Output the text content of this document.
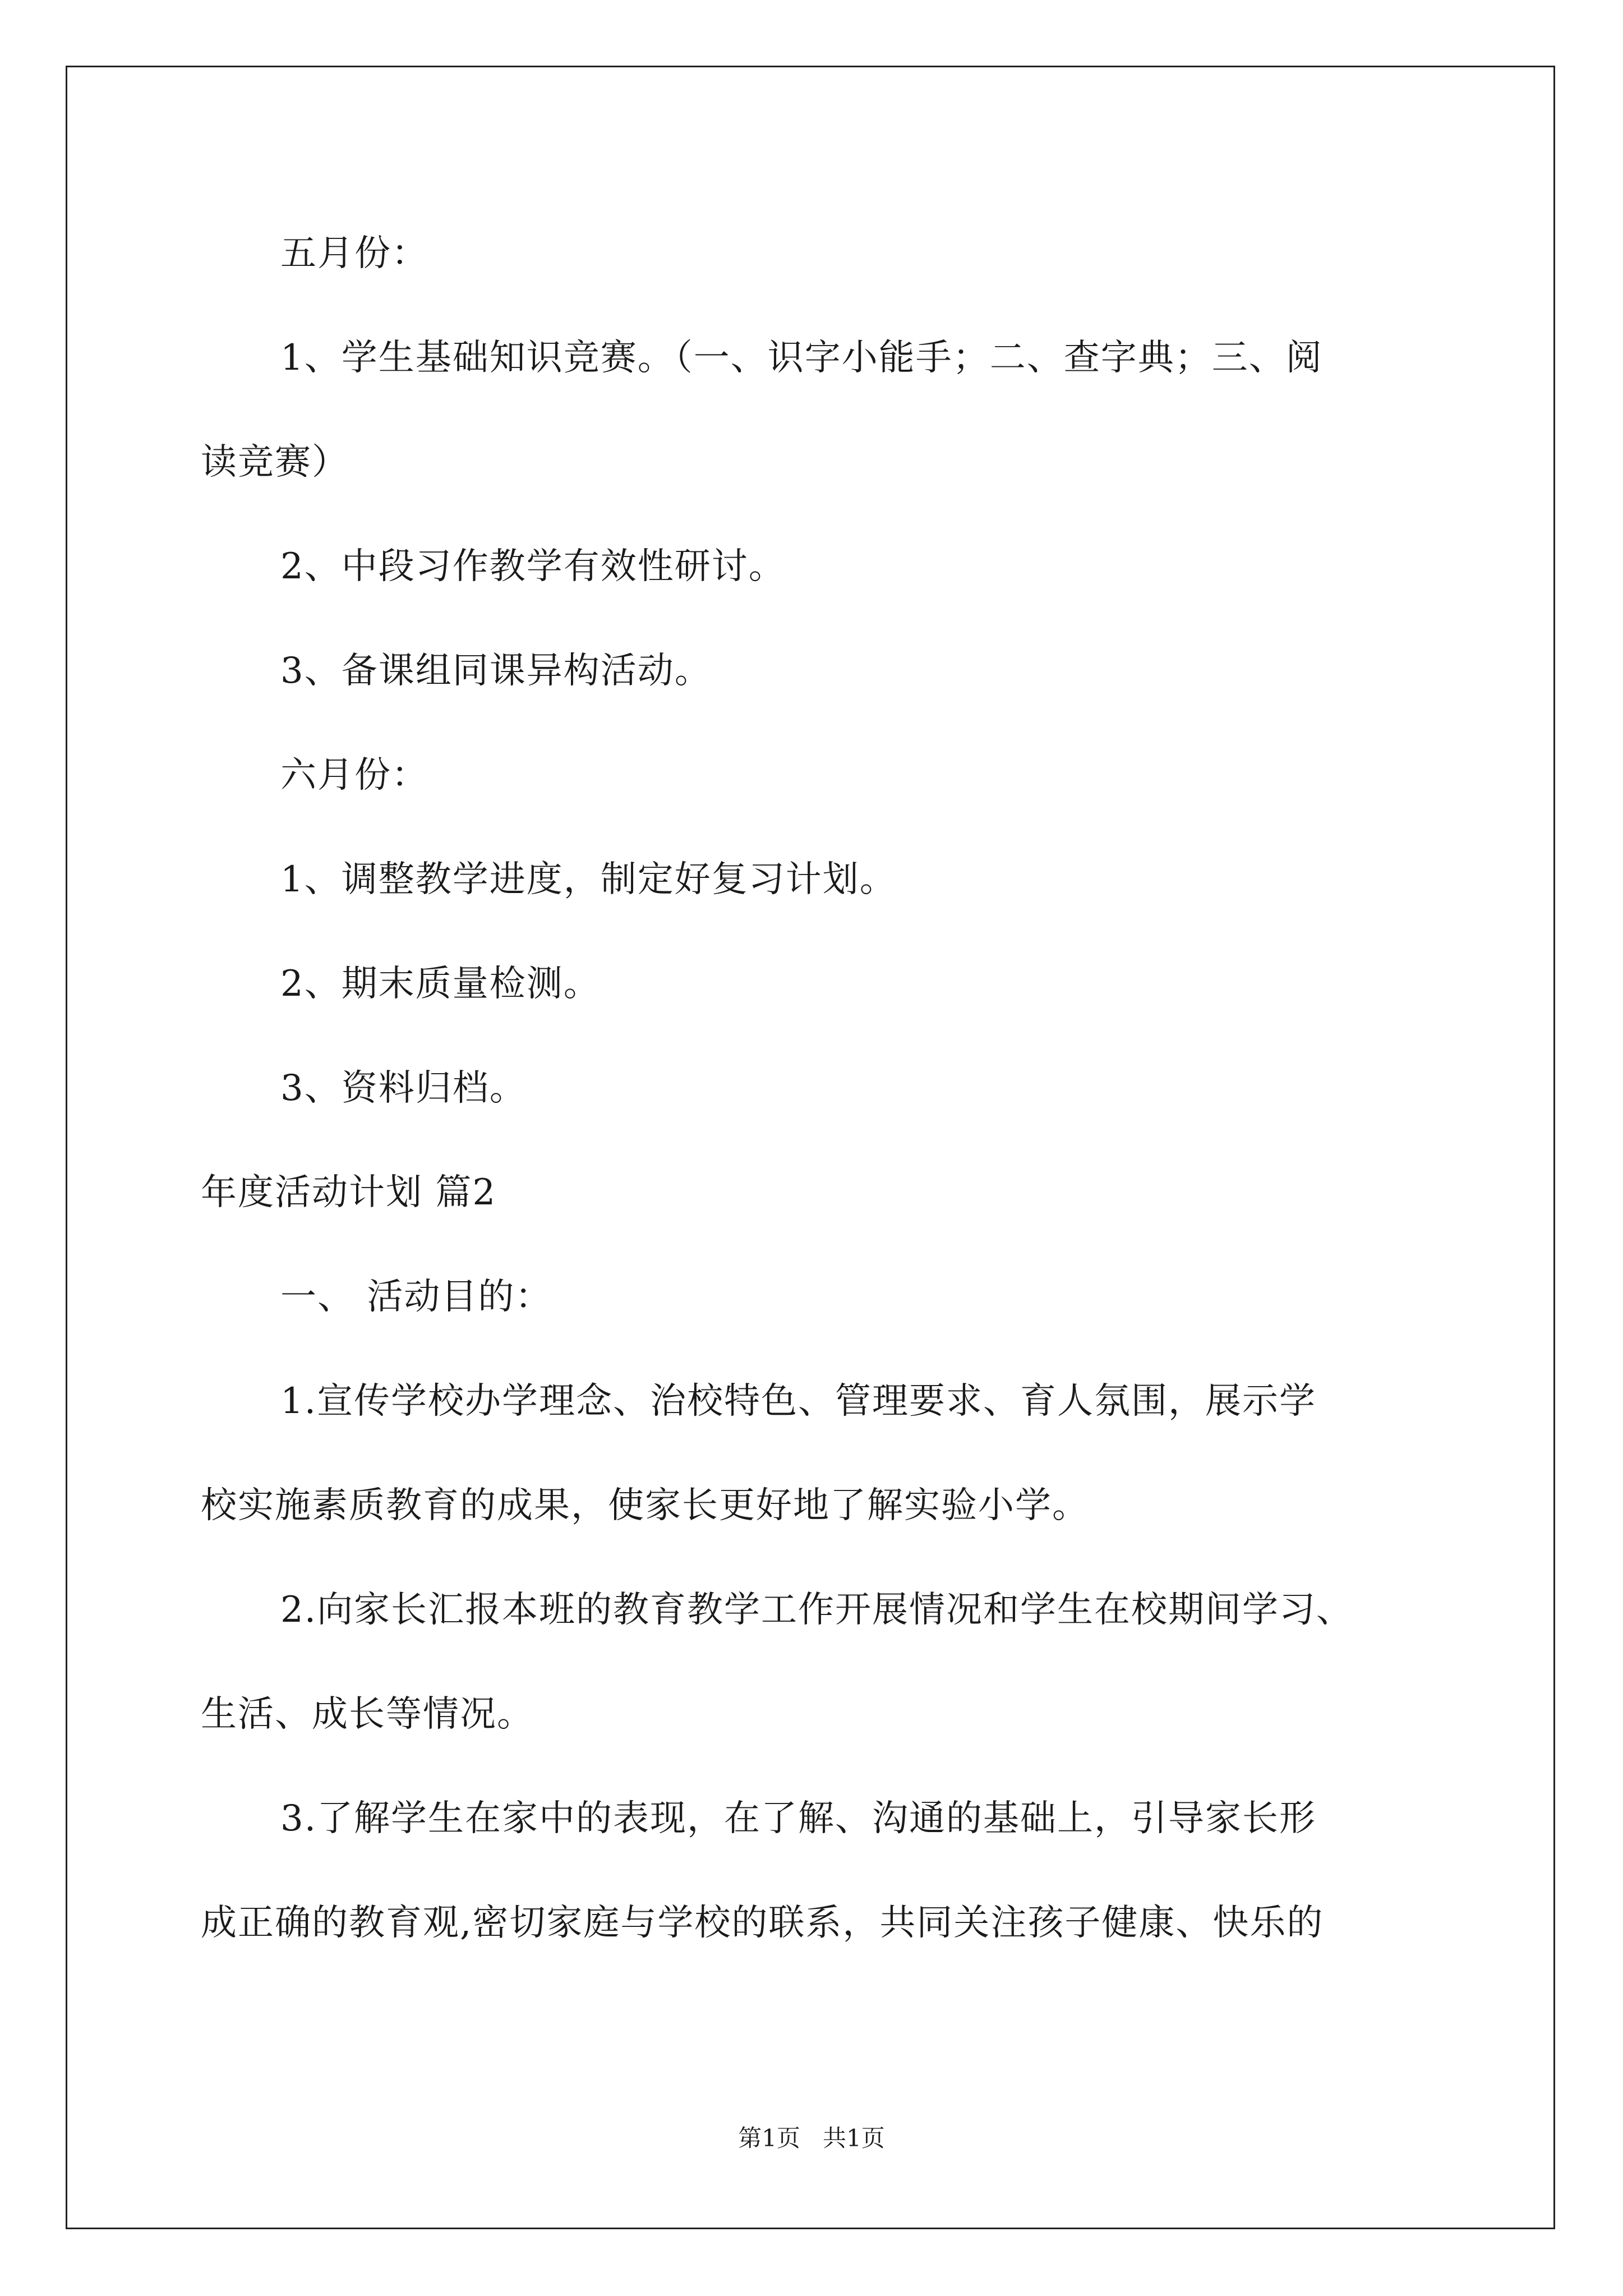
五月份：
1、学生基础知识竞赛。（一、识字小能手；二、查字典；三、阅
读竞赛）
2、中段习作教学有效性研讨。
3、备课组同课异构活动。
六月份：
1、调整教学进度，制定好复习计划。
2、期末质量检测。
3、资料归档。
年度活动计划 篇2
一、 活动目的：
1.宣传学校办学理念、治校特色、管理要求、育人氛围，展示学
校实施素质教育的成果，使家长更好地了解实验小学。
2.向家长汇报本班的教育教学工作开展情况和学生在校期间学习、
生活、成长等情况。
3.了解学生在家中的表现，在了解、沟通的基础上，引导家长形
成正确的教育观,密切家庭与学校的联系，共同关注孩子健康、快乐的
第1页   共1页
